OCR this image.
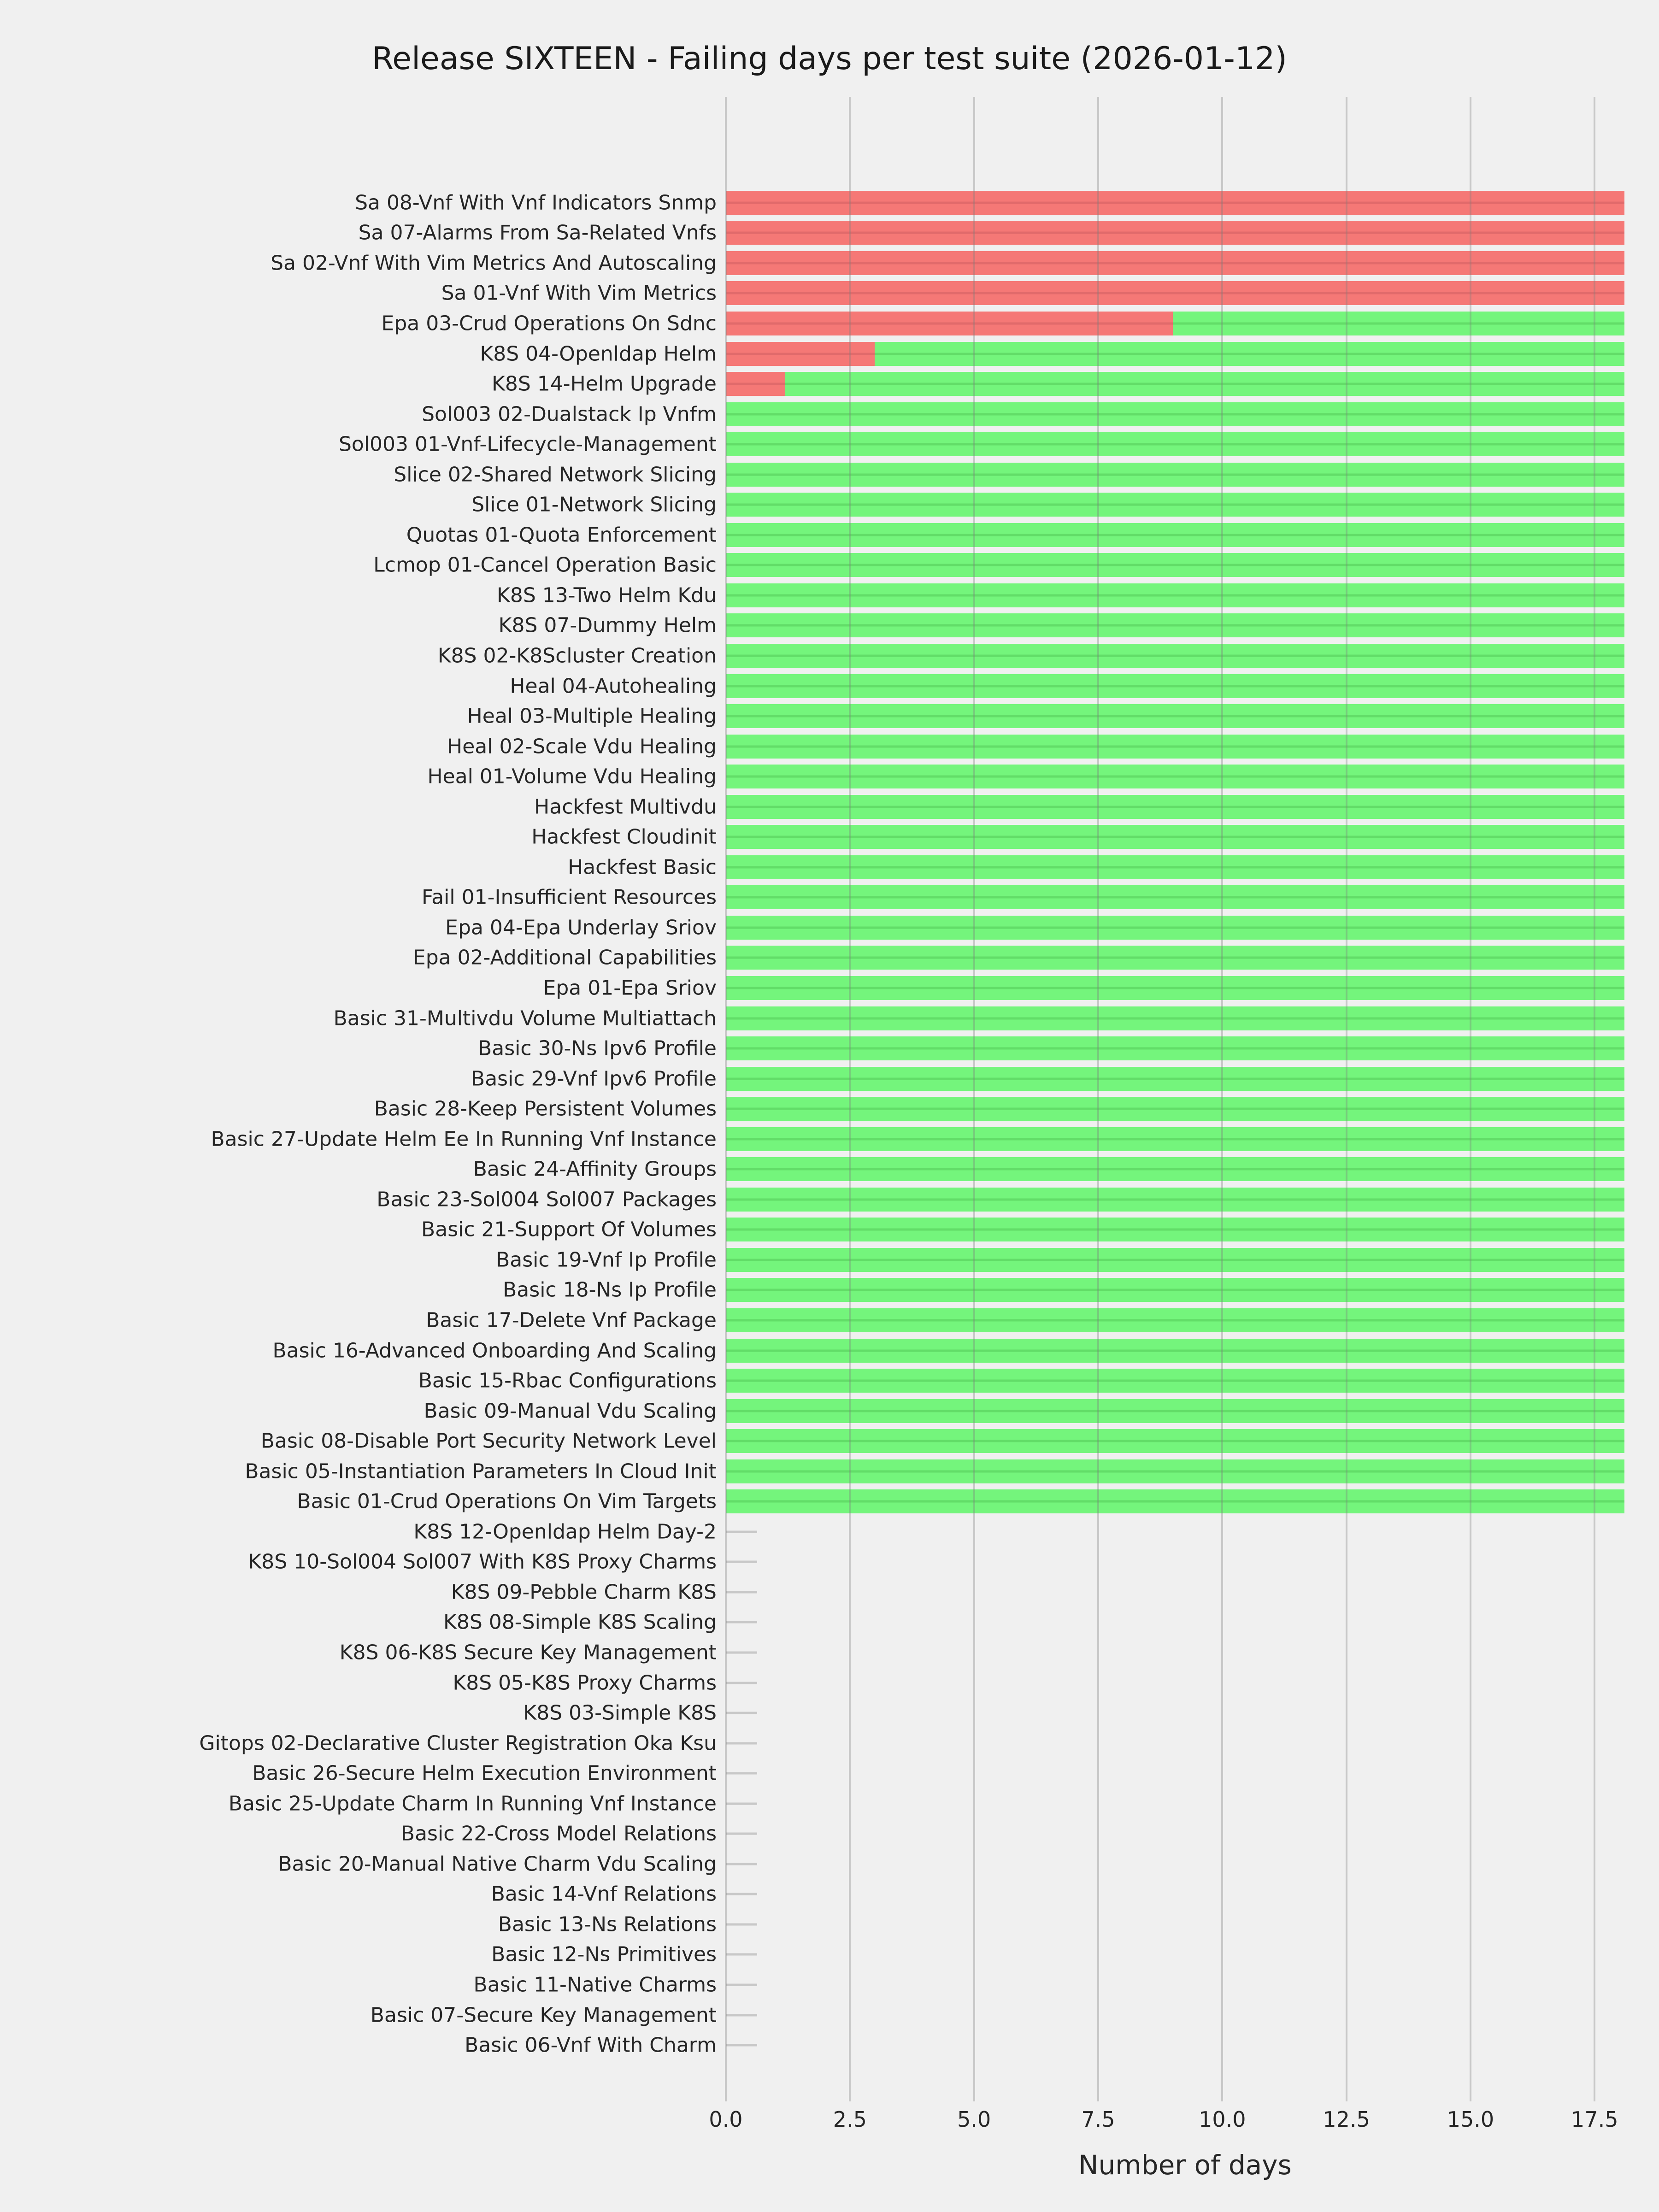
Release SIXTEEN - Failing days per test suite (2026-01-12)
Sa 08-Vnf With Vnf Indicators Snmp
Sa 07-Alarms From Sa-Related Vnfs
Sa 02-Vnf With Vim Metrics And Autoscaling
Sa 01-Vnf With Vim Metrics
Epa 03-Crud Operations On Sdnc
K8S 04-Openldap Helm
K8S 14-Helm Upgrade
Sol003 02-Dualstack Ip Vnfm
Sol003 01-Vnf-Lifecycle-Management
Slice 02-Shared Network Slicing
Slice 01-Network Slicing
Quotas 01-Quota Enforcement
Lcmop 01-Cancel Operation Basic
K8S 13-Two Helm Kdu
K8S 07-Dummy Helm
K8S 02-K8Scluster Creation
Heal 04-Autohealing
Heal 03-Multiple Healing
Heal 02-Scale Vdu Healing
Heal 01-Volume Vdu Healing
Hackfest Multivdu
Hackfest Cloudinit
Hackfest Basic
Fail 01-Insufficient Resources
Epa 04-Epa Underlay Sriov
Epa 02-Additional Capabilities
Epa 01-Epa Sriov
Basic 31-Multivdu Volume Multiattach
Basic 30-Ns Ipv6 Profile
Basic 29-Vnf Ipv6 Profile
Basic 28-Keep Persistent Volumes
Basic 27-Update Helm Ee In Running Vnf Instance
Basic 24-Affinity Groups
Basic 23-Sol004 Sol007 Packages
Basic 21-Support Of Volumes
Basic 19-Vnf Ip Profile
Basic 18-Ns Ip Profile
Basic 17-Delete Vnf Package
Basic 16-Advanced Onboarding And Scaling
Basic 15-Rbac Configurations
Basic 09-Manual Vdu Scaling
Basic 08-Disable Port Security Network Level
Basic 05-Instantiation Parameters In Cloud Init
Basic 01-Crud Operations On Vim Targets
K8S 12-Openldap Helm Day-2
K8S 10-Sol004 Sol007 With K8S Proxy Charms
K8S 09-Pebble Charm K8S
K8S 08-Simple K8S Scaling
K8S 06-K8S Secure Key Management
K8S 05-K8S Proxy Charms
K8S 03-Simple K8S
Gitops 02-Declarative Cluster Registration Oka Ksu
Basic 26-Secure Helm Execution Environment
Basic 25-Update Charm In Running Vnf Instance
Basic 22-Cross Model Relations
Basic 20-Manual Native Charm Vdu Scaling
Basic 14-Vnf Relations
Basic 13-Ns Relations
Basic 12-Ns Primitives
Basic 11-Native Charms
Basic 07-Secure Key Management
Basic 06-Vnf With Charm
0.0	2.5	5.0	7.5	10.0	12.5	15.0	17.5
Number of days
